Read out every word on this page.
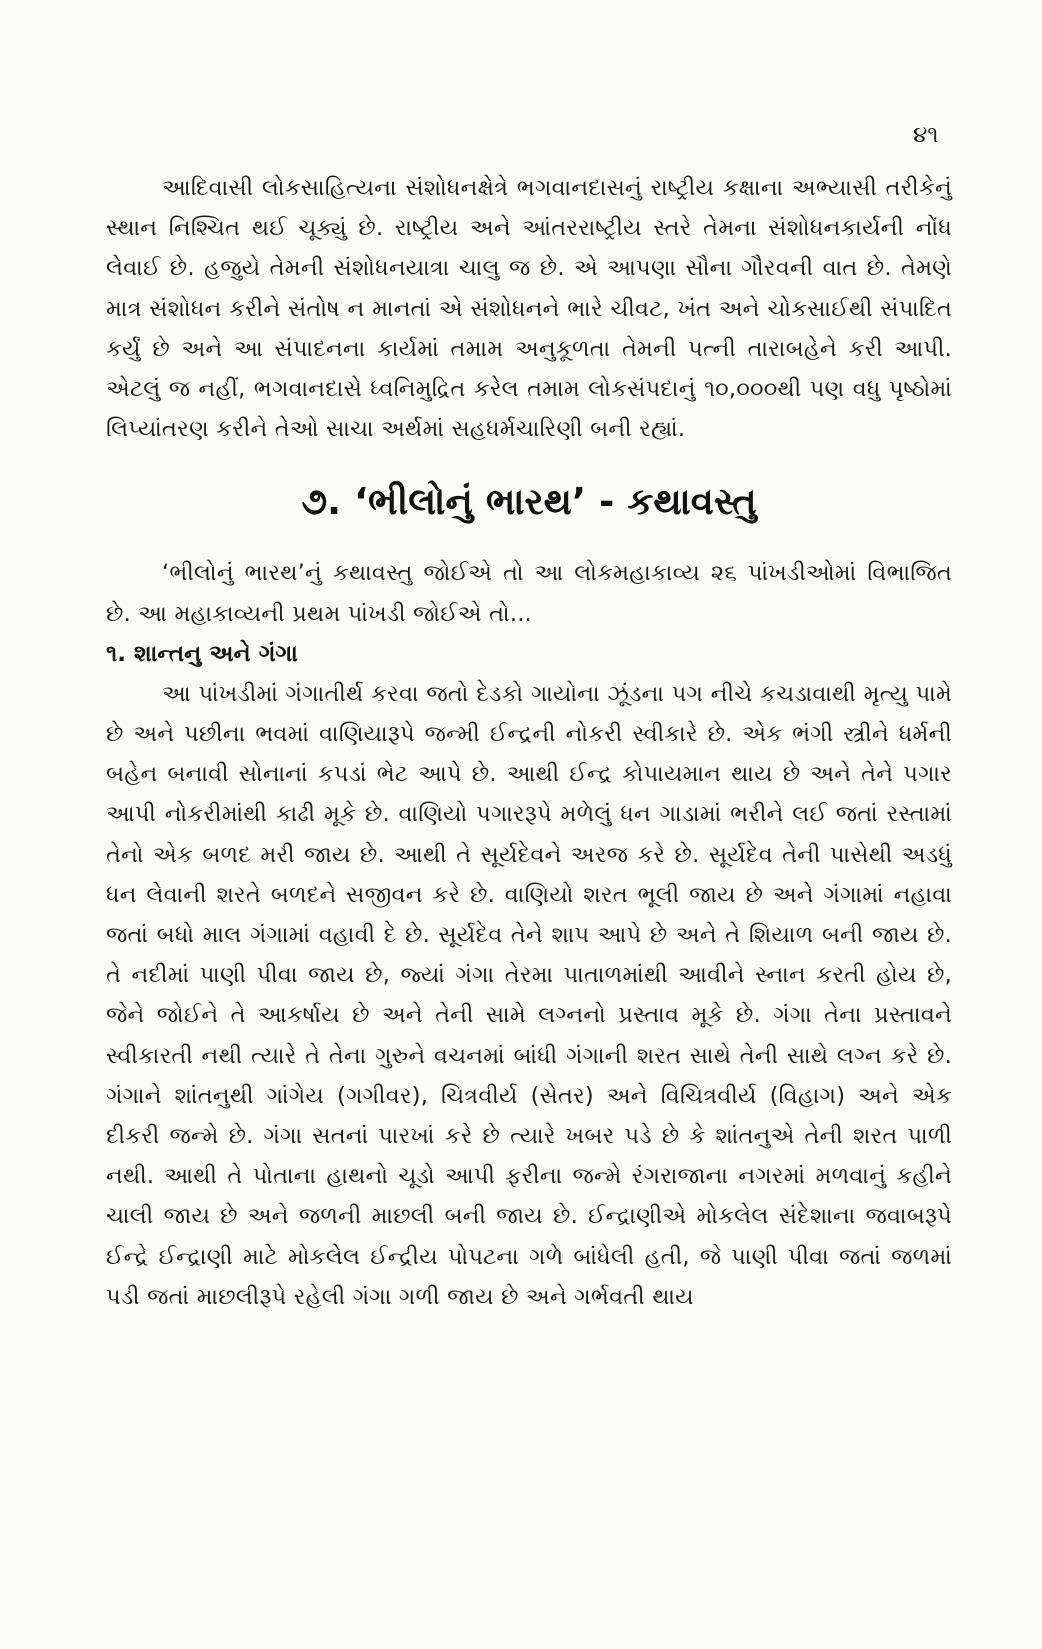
૪૧

આદિવાસી લોકસાહિત્યના સંશોધનક્ષેત્રે ભગવાનદાસનું રાષ્ટ્રીય કક્ષાના અભ્યાસી તરીકેનું સ્થાન નિશ્ચિત થઈ ચૂક્યું છે. રાષ્ટ્રીય અને આંતરરાષ્ટ્રીય સ્તરે તેમના સંશોધનકાર્યની નોંધ લેવાઈ છે. હજુયે તેમની સંશોધનયાત્રા ચાલુ જ છે. એ આપણા સૌના ગૌરવની વાત છે. તેમણે માત્ર સંશોધન કરીને સંતોષ ન માનતાં એ સંશોધનને ભારે ચીવટ, ખંત અને ચોકસાઈથી સંપાદિત કર્યું છે અને આ સંપાદનના કાર્યમાં તમામ અનુકૂળતા તેમની પત્ની તારાબહેને કરી આપી. એટલું જ નહીં, ભગવાનદાસે ધ્વનિમુદ્રિત કરેલ તમામ લોકસંપદાનું ૧૦,૦૦૦થી પણ વધુ પૃષ્ઠોમાં લિપ્યાંતરણ કરીને તેઓ સાચા અર્થમાં સહધર્મચારિણી બની રહ્યાં.

૭. ‘ભીલોનું ભારથ’ - કથાવસ્તુ

‘ભીલોનું ભારથ’નું કથાવસ્તુ જોઈએ તો આ લોકમહાકાવ્ય ૨૬ પાંખડીઓમાં વિભાજિત છે. આ મહાકાવ્યની પ્રથમ પાંખડી જોઈએ તો...

૧. શાન્તનુ અને ગંગા

આ પાંખડીમાં ગંગાતીર્થ કરવા જતો દેડકો ગાયોના ઝૂંડના પગ નીચે કચડાવાથી મૃત્યુ પામે છે અને પછીના ભવમાં વાણિયારૂપે જન્મી ઈન્દ્રની નોકરી સ્વીકારે છે. એક ભંગી સ્ત્રીને ધર્મની બહેન બનાવી સોનાનાં કપડાં ભેટ આપે છે. આથી ઈન્દ્ર કોપાયમાન થાય છે અને તેને પગાર આપી નોકરીમાંથી કાઢી મૂકે છે. વાણિયો પગારરૂપે મળેલું ધન ગાડામાં ભરીને લઈ જતાં રસ્તામાં તેનો એક બળદ મરી જાય છે. આથી તે સૂર્યદેવને અરજ કરે છે. સૂર્યદેવ તેની પાસેથી અડધું ધન લેવાની શરતે બળદને સજીવન કરે છે. વાણિયો શરત ભૂલી જાય છે અને ગંગામાં નહાવા જતાં બધો માલ ગંગામાં વહાવી દે છે. સૂર્યદેવ તેને શાપ આપે છે અને તે શિયાળ બની જાય છે. તે નદીમાં પાણી પીવા જાય છે, જ્યાં ગંગા તેરમા પાતાળમાંથી આવીને સ્નાન કરતી હોય છે, જેને જોઈને તે આકર્ષાય છે અને તેની સામે લગ્નનો પ્રસ્તાવ મૂકે છે. ગંગા તેના પ્રસ્તાવને સ્વીકારતી નથી ત્યારે તે તેના ગુરુને વચનમાં બાંધી ગંગાની શરત સાથે તેની સાથે લગ્ન કરે છે. ગંગાને શાંતનુથી ગાંગેય (ગગીવર), ચિત્રવીર્ય (સેતર) અને વિચિત્રવીર્ય (વિહાગ) અને એક દીકરી જન્મે છે. ગંગા સતનાં પારખાં કરે છે ત્યારે ખબર પડે છે કે શાંતનુએ તેની શરત પાળી નથી. આથી તે પોતાના હાથનો ચૂડો આપી ફરીના જન્મે રંગરાજાના નગરમાં મળવાનું કહીને ચાલી જાય છે અને જળની માછલી બની જાય છે. ઈન્દ્રાણીએ મોકલેલ સંદેશાના જવાબરૂપે ઈન્દ્રે ઈન્દ્રાણી માટે મોકલેલ ઈન્દ્રીય પોપટના ગળે બાંધેલી હતી, જે પાણી પીવા જતાં જળમાં પડી જતાં માછલીરૂપે રહેલી ગંગા ગળી જાય છે અને ગર્ભવતી થાય
